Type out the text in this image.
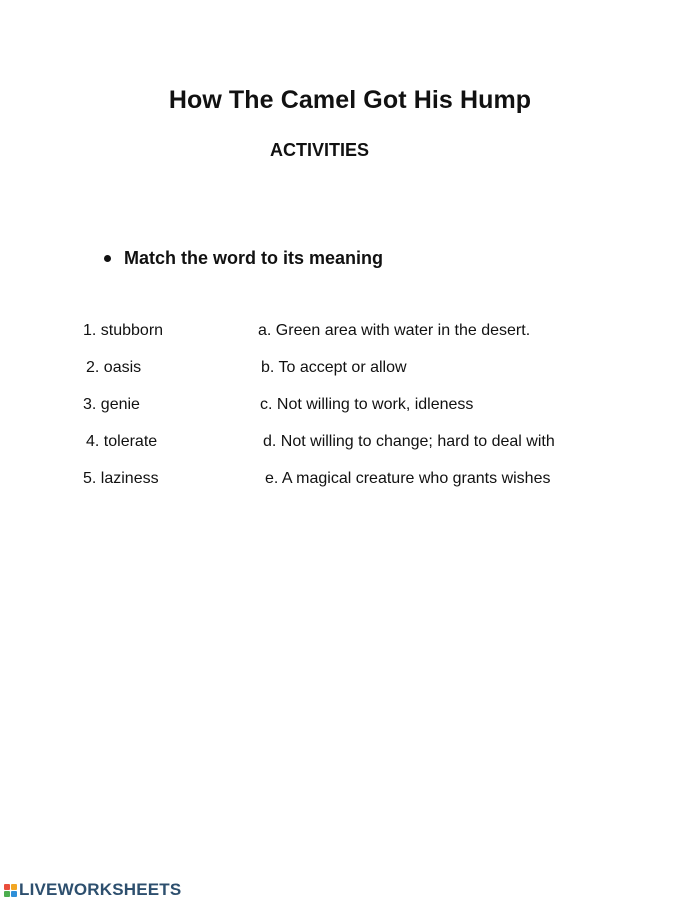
How The Camel Got His Hump
ACTIVITIES
Match the word to its meaning
1. stubborn
2. oasis
3. genie
4. tolerate
5. laziness
a. Green area with water in the desert.
b. To accept or allow
c. Not willing to work, idleness
d. Not willing to change; hard to deal with
e. A magical creature who grants wishes
LIVEWORKSHEETS
